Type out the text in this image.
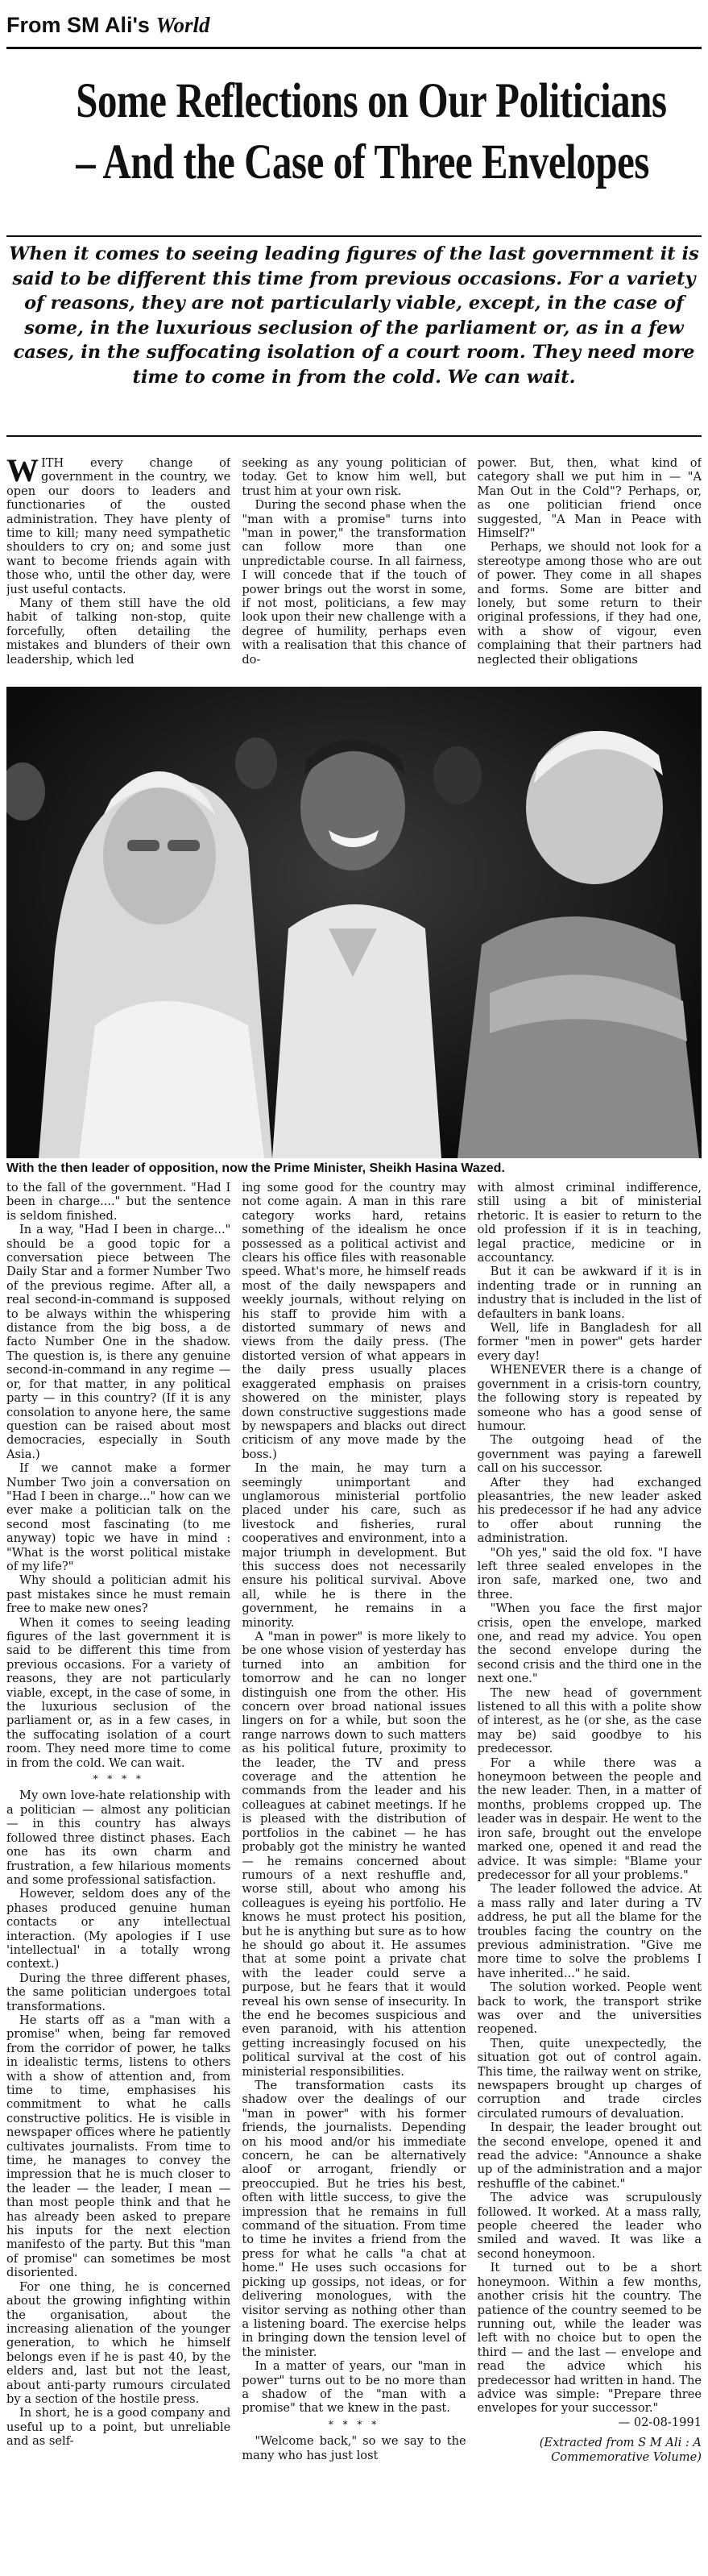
From SM Ali's World
Some Reflections on Our Politicians
– And the Case of Three Envelopes

When it comes to seeing leading figures of the last government it is said to be different this time from previous occasions. For a variety of reasons, they are not particularly viable, except, in the case of some, in the luxurious seclusion of the parliament or, as in a few cases, in the suffocating isolation of a court room. They need more time to come in from the cold. We can wait.

WITH every change of government in the country, we open our doors to leaders and functionaries of the ousted administration. They have plenty of time to kill; many need sympathetic shoulders to cry on; and some just want to become friends again with those who, until the other day, were just useful contacts.

Many of them still have the old habit of talking non-stop, quite forcefully, often detailing the mistakes and blunders of their own leadership, which led

seeking as any young politician of today. Get to know him well, but trust him at your own risk.

During the second phase when the "man with a promise" turns into "man in power," the transformation can follow more than one unpredictable course. In all fairness, I will concede that if the touch of power brings out the worst in some, if not most, politicians, a few may look upon their new challenge with a degree of humility, perhaps even with a realisation that this chance of do-

power. But, then, what kind of category shall we put him in — "A Man Out in the Cold"? Perhaps, or, as one politician friend once suggested, "A Man in Peace with Himself?"

Perhaps, we should not look for a stereotype among those who are out of power. They come in all shapes and forms. Some are bitter and lonely, but some return to their original professions, if they had one, with a show of vigour, even complaining that their partners had neglected their obligations

With the then leader of opposition, now the Prime Minister, Sheikh Hasina Wazed.

to the fall of the government. "Had I been in charge...." but the sentence is seldom finished.

In a way, "Had I been in charge..." should be a good topic for a conversation piece between The Daily Star and a former Number Two of the previous regime. After all, a real second-in-command is supposed to be always within the whispering distance from the big boss, a de facto Number One in the shadow. The question is, is there any genuine second-in-command in any regime — or, for that matter, in any political party — in this country? (If it is any consolation to anyone here, the same question can be raised about most democracies, especially in South Asia.)

If we cannot make a former Number Two join a conversation on "Had I been in charge..." how can we ever make a politician talk on the second most fascinating (to me anyway) topic we have in mind : "What is the worst political mistake of my life?"

Why should a politician admit his past mistakes since he must remain free to make new ones?

When it comes to seeing leading figures of the last government it is said to be different this time from previous occasions. For a variety of reasons, they are not particularly viable, except, in the case of some, in the luxurious seclusion of the parliament or, as in a few cases, in the suffocating isolation of a court room. They need more time to come in from the cold. We can wait.

* * * *

My own love-hate relationship with a politician — almost any politician — in this country has always followed three distinct phases. Each one has its own charm and frustration, a few hilarious moments and some professional satisfaction.

However, seldom does any of the phases produced genuine human contacts or any intellectual interaction. (My apologies if I use 'intellectual' in a totally wrong context.)

During the three different phases, the same politician undergoes total transformations.

He starts off as a "man with a promise" when, being far removed from the corridor of power, he talks in idealistic terms, listens to others with a show of attention and, from time to time, emphasises his commitment to what he calls constructive politics. He is visible in newspaper offices where he patiently cultivates journalists. From time to time, he manages to convey the impression that he is much closer to the leader — the leader, I mean — than most people think and that he has already been asked to prepare his inputs for the next election manifesto of the party. But this "man of promise" can sometimes be most disoriented.

For one thing, he is concerned about the growing infighting within the organisation, about the increasing alienation of the younger generation, to which he himself belongs even if he is past 40, by the elders and, last but not the least, about anti-party rumours circulated by a section of the hostile press.

In short, he is a good company and useful up to a point, but unreliable and as self-

ing some good for the country may not come again. A man in this rare category works hard, retains something of the idealism he once possessed as a political activist and clears his office files with reasonable speed. What's more, he himself reads most of the daily newspapers and weekly journals, without relying on his staff to provide him with a distorted summary of news and views from the daily press. (The distorted version of what appears in the daily press usually places exaggerated emphasis on praises showered on the minister, plays down constructive suggestions made by newspapers and blacks out direct criticism of any move made by the boss.)

In the main, he may turn a seemingly unimportant and unglamorous ministerial portfolio placed under his care, such as livestock and fisheries, rural cooperatives and environment, into a major triumph in development. But this success does not necessarily ensure his political survival. Above all, while he is there in the government, he remains in a minority.

A "man in power" is more likely to be one whose vision of yesterday has turned into an ambition for tomorrow and he can no longer distinguish one from the other. His concern over broad national issues lingers on for a while, but soon the range narrows down to such matters as his political future, proximity to the leader, the TV and press coverage and the attention he commands from the leader and his colleagues at cabinet meetings. If he is pleased with the distribution of portfolios in the cabinet — he has probably got the ministry he wanted — he remains concerned about rumours of a next reshuffle and, worse still, about who among his colleagues is eyeing his portfolio. He knows he must protect his position, but he is anything but sure as to how he should go about it. He assumes that at some point a private chat with the leader could serve a purpose, but he fears that it would reveal his own sense of insecurity. In the end he becomes suspicious and even paranoid, with his attention getting increasingly focused on his political survival at the cost of his ministerial responsibilities.

The transformation casts its shadow over the dealings of our "man in power" with his former friends, the journalists. Depending on his mood and/or his immediate concern, he can be alternatively aloof or arrogant, friendly or preoccupied. But he tries his best, often with little success, to give the impression that he remains in full command of the situation. From time to time he invites a friend from the press for what he calls "a chat at home." He uses such occasions for picking up gossips, not ideas, or for delivering monologues, with the visitor serving as nothing other than a listening board. The exercise helps in bringing down the tension level of the minister.

In a matter of years, our "man in power" turns out to be no more than a shadow of the "man with a promise" that we knew in the past.

* * * *

"Welcome back," so we say to the many who has just lost

with almost criminal indifference, still using a bit of ministerial rhetoric. It is easier to return to the old profession if it is in teaching, legal practice, medicine or in accountancy.

But it can be awkward if it is in indenting trade or in running an industry that is included in the list of defaulters in bank loans.

Well, life in Bangladesh for all former "men in power" gets harder every day!

WHENEVER there is a change of government in a crisis-torn country, the following story is repeated by someone who has a good sense of humour.

The outgoing head of the government was paying a farewell call on his successor.

After they had exchanged pleasantries, the new leader asked his predecessor if he had any advice to offer about running the administration.

"Oh yes," said the old fox. "I have left three sealed envelopes in the iron safe, marked one, two and three.

"When you face the first major crisis, open the envelope, marked one, and read my advice. You open the second envelope during the second crisis and the third one in the next one."

The new head of government listened to all this with a polite show of interest, as he (or she, as the case may be) said goodbye to his predecessor.

For a while there was a honeymoon between the people and the new leader. Then, in a matter of months, problems cropped up. The leader was in despair. He went to the iron safe, brought out the envelope marked one, opened it and read the advice. It was simple: "Blame your predecessor for all your problems."

The leader followed the advice. At a mass rally and later during a TV address, he put all the blame for the troubles facing the country on the previous administration. "Give me more time to solve the problems I have inherited..." he said.

The solution worked. People went back to work, the transport strike was over and the universities reopened.

Then, quite unexpectedly, the situation got out of control again. This time, the railway went on strike, newspapers brought up charges of corruption and trade circles circulated rumours of devaluation.

In despair, the leader brought out the second envelope, opened it and read the advice: "Announce a shake up of the administration and a major reshuffle of the cabinet."

The advice was scrupulously followed. It worked. At a mass rally, people cheered the leader who smiled and waved. It was like a second honeymoon.

It turned out to be a short honeymoon. Within a few months, another crisis hit the country. The patience of the country seemed to be running out, while the leader was left with no choice but to open the third — and the last — envelope and read the advice which his predecessor had written in hand. The advice was simple: "Prepare three envelopes for your successor."

— 02-08-1991

(Extracted from S M Ali : A Commemorative Volume)
